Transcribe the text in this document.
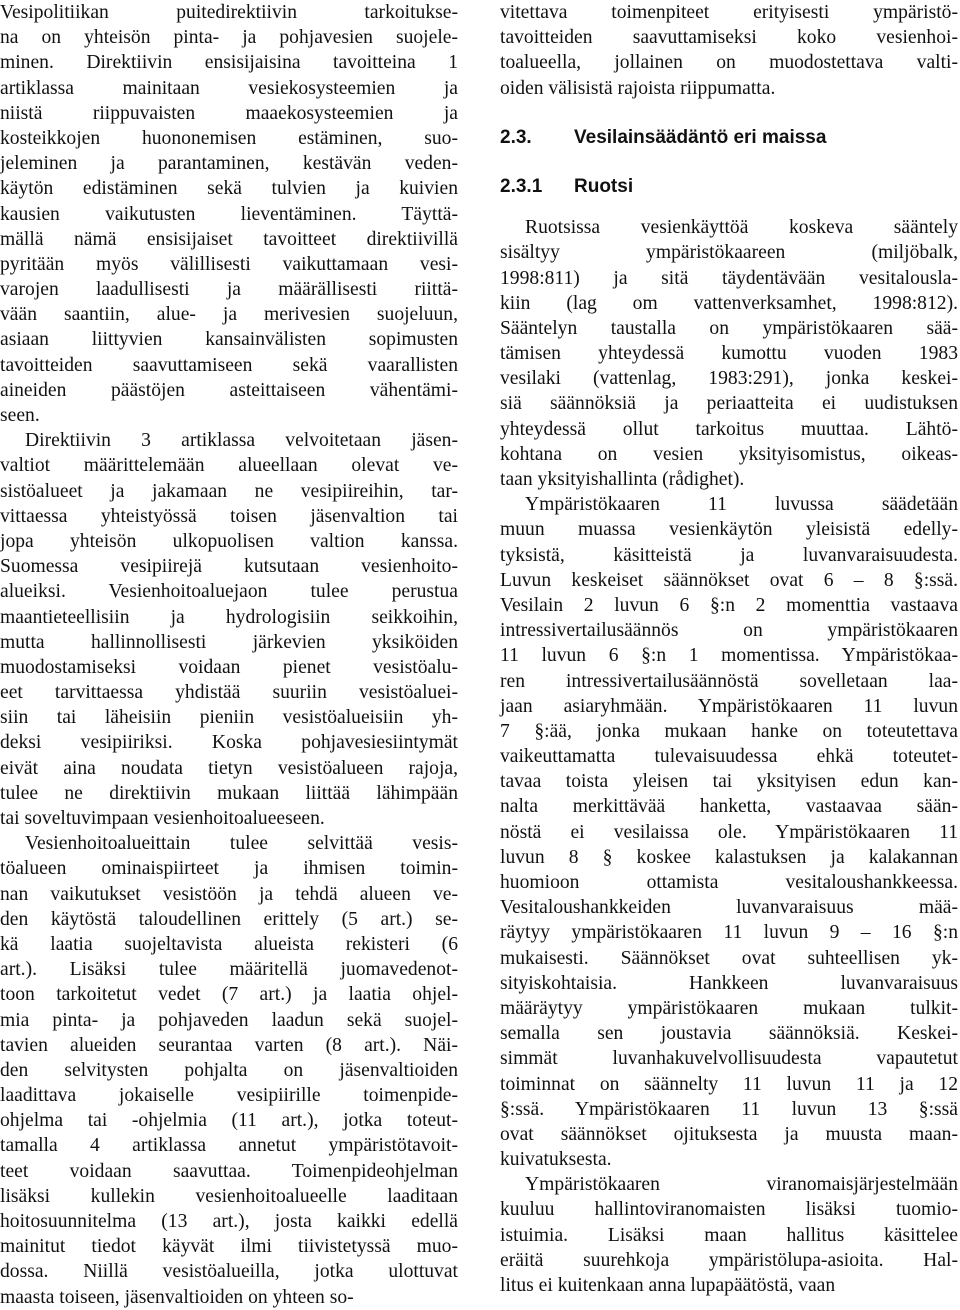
Vesipolitiikan puitedirektiivin tarkoitukse-
na on yhteisön pinta- ja pohjavesien suojele-
minen. Direktiivin ensisijaisina tavoitteina 1
artiklassa mainitaan vesiekosysteemien ja
niistä riippuvaisten maaekosysteemien ja
kosteikkojen huononemisen estäminen, suo-
jeleminen ja parantaminen, kestävän veden-
käytön edistäminen sekä tulvien ja kuivien
kausien vaikutusten lieventäminen. Täyttä-
mällä nämä ensisijaiset tavoitteet direktiivillä
pyritään myös välillisesti vaikuttamaan vesi-
varojen laadullisesti ja määrällisesti riittä-
vään saantiin, alue- ja merivesien suojeluun,
asiaan liittyvien kansainvälisten sopimusten
tavoitteiden saavuttamiseen sekä vaarallisten
aineiden päästöjen asteittaiseen vähentämi-
seen.
Direktiivin 3 artiklassa velvoitetaan jäsen-
valtiot määrittelemään alueellaan olevat ve-
sistöalueet ja jakamaan ne vesipiireihin, tar-
vittaessa yhteistyössä toisen jäsenvaltion tai
jopa yhteisön ulkopuolisen valtion kanssa.
Suomessa vesipiirejä kutsutaan vesienhoito-
alueiksi. Vesienhoitoaluejaon tulee perustua
maantieteellisiin ja hydrologisiin seikkoihin,
mutta hallinnollisesti järkevien yksiköiden
muodostamiseksi voidaan pienet vesistöalu-
eet tarvittaessa yhdistää suuriin vesistöaluei-
siin tai läheisiin pieniin vesistöalueisiin yh-
deksi vesipiiriksi. Koska pohjavesiesiintymät
eivät aina noudata tietyn vesistöalueen rajoja,
tulee ne direktiivin mukaan liittää lähimpään
tai soveltuvimpaan vesienhoitoalueeseen.
Vesienhoitoalueittain tulee selvittää vesis-
töalueen ominaispiirteet ja ihmisen toimin-
nan vaikutukset vesistöön ja tehdä alueen ve-
den käytöstä taloudellinen erittely (5 art.) se-
kä laatia suojeltavista alueista rekisteri (6
art.). Lisäksi tulee määritellä juomavedenot-
toon tarkoitetut vedet (7 art.) ja laatia ohjel-
mia pinta- ja pohjaveden laadun sekä suojel-
tavien alueiden seurantaa varten (8 art.). Näi-
den selvitysten pohjalta on jäsenvaltioiden
laadittava jokaiselle vesipiirille toimenpide-
ohjelma tai -ohjelmia (11 art.), jotka toteut-
tamalla 4 artiklassa annetut ympäristötavoit-
teet voidaan saavuttaa. Toimenpideohjelman
lisäksi kullekin vesienhoitoalueelle laaditaan
hoitosuunnitelma (13 art.), josta kaikki edellä
mainitut tiedot käyvät ilmi tiivistetyssä muo-
dossa. Niillä vesistöalueilla, jotka ulottuvat
maasta toiseen, jäsenvaltioiden on yhteen so-
vitettava toimenpiteet erityisesti ympäristö-
tavoitteiden saavuttamiseksi koko vesienhoi-
toalueella, jollainen on muodostettava valti-
oiden välisistä rajoista riippumatta.
2.3. Vesilainsäädäntö eri maissa
2.3.1 Ruotsi
Ruotsissa vesienkäyttöä koskeva sääntely
sisältyy ympäristökaareen (miljöbalk,
1998:811) ja sitä täydentävään vesitalousla-
kiin (lag om vattenverksamhet, 1998:812).
Sääntelyn taustalla on ympäristökaaren sää-
tämisen yhteydessä kumottu vuoden 1983
vesilaki (vattenlag, 1983:291), jonka keskei-
siä säännöksiä ja periaatteita ei uudistuksen
yhteydessä ollut tarkoitus muuttaa. Lähtö-
kohtana on vesien yksityisomistus, oikeas-
taan yksityishallinta (rådighet).
Ympäristökaaren 11 luvussa säädetään
muun muassa vesienkäytön yleisistä edelly-
tyksistä, käsitteistä ja luvanvaraisuudesta.
Luvun keskeiset säännökset ovat 6 – 8 §:ssä.
Vesilain 2 luvun 6 §:n 2 momenttia vastaava
intressivertailusäännös on ympäristökaaren
11 luvun 6 §:n 1 momentissa. Ympäristökaa-
ren intressivertailusäännöstä sovelletaan laa-
jaan asiaryhmään. Ympäristökaaren 11 luvun
7 §:ää, jonka mukaan hanke on toteutettava
vaikeuttamatta tulevaisuudessa ehkä toteutet-
tavaa toista yleisen tai yksityisen edun kan-
nalta merkittävää hanketta, vastaavaa sään-
nöstä ei vesilaissa ole. Ympäristökaaren 11
luvun 8 § koskee kalastuksen ja kalakannan
huomioon ottamista vesitaloushankkeessa.
Vesitaloushankkeiden luvanvaraisuus mää-
räytyy ympäristökaaren 11 luvun 9 – 16 §:n
mukaisesti. Säännökset ovat suhteellisen yk-
sityiskohtaisia. Hankkeen luvanvaraisuus
määräytyy ympäristökaaren mukaan tulkit-
semalla sen joustavia säännöksiä. Keskei-
simmät luvanhakuvelvollisuudesta vapautetut
toiminnat on säännelty 11 luvun 11 ja 12
§:ssä. Ympäristökaaren 11 luvun 13 §:ssä
ovat säännökset ojituksesta ja muusta maan-
kuivatuksesta.
Ympäristökaaren viranomaisjärjestelmään
kuuluu hallintoviranomaisten lisäksi tuomio-
istuimia. Lisäksi maan hallitus käsittelee
eräitä suurehkoja ympäristölupa-asioita. Hal-
litus ei kuitenkaan anna lupapäätöstä, vaan
